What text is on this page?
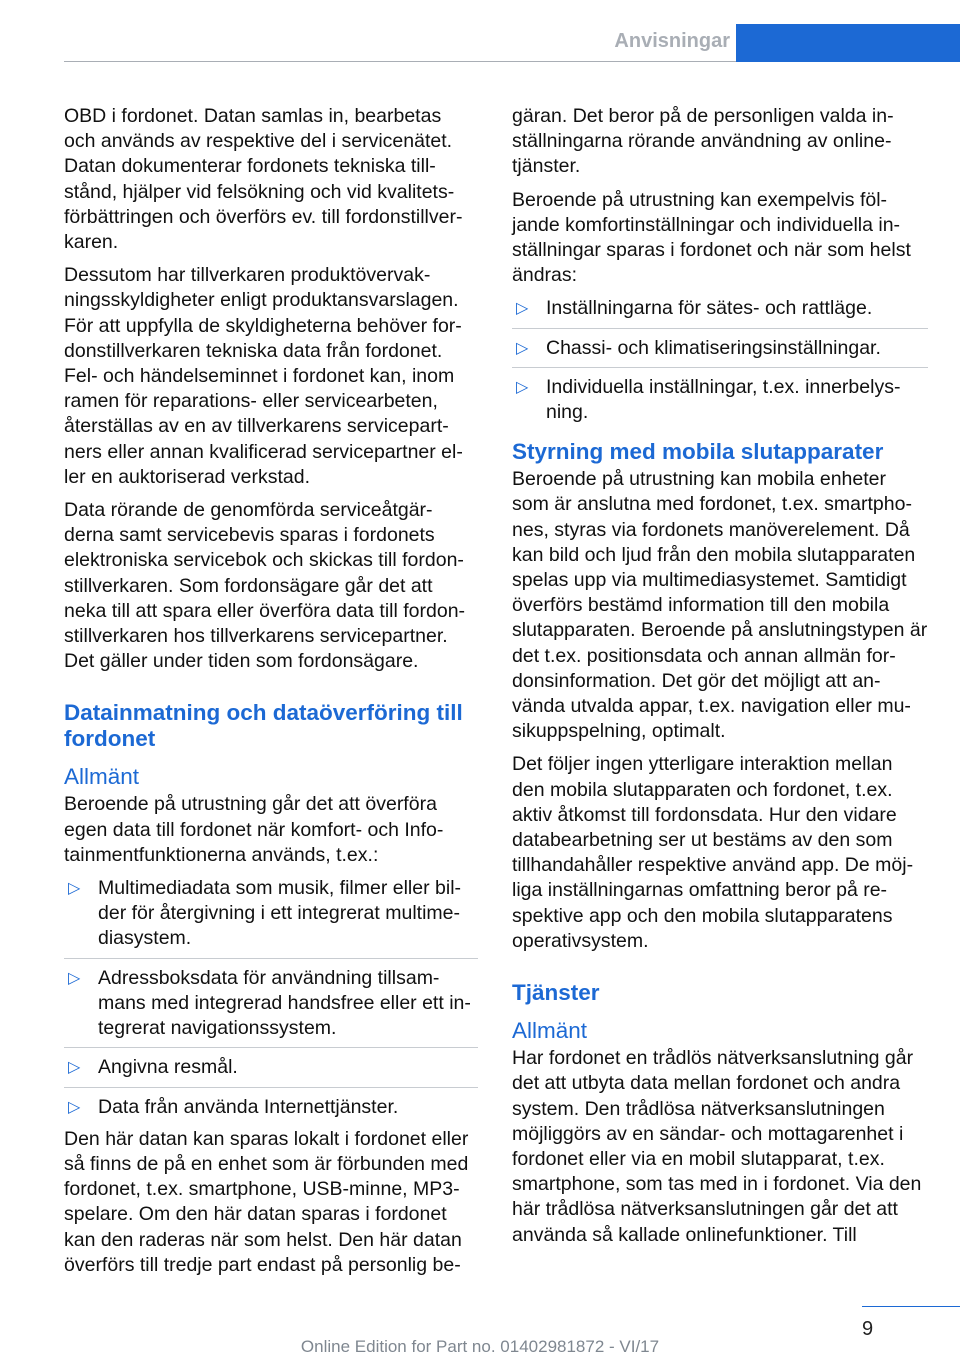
Anvisningar

OBD i fordonet. Datan samlas in, bearbetas och används av respektive del i servicenätet. Datan dokumenterar fordonets tekniska till-stånd, hjälper vid felsökning och vid kvalitets-förbättringen och överförs ev. till fordonstillver-karen.

Dessutom har tillverkaren produktövervak-ningsskyldigheter enligt produktansvarslagen. För att uppfylla de skyldigheterna behöver for-donstillverkaren tekniska data från fordonet. Fel- och händelseminnet i fordonet kan, inom ramen för reparations- eller servicearbeten, återställas av en av tillverkarens servicepart-ners eller annan kvalificerad servicepartner el-ler en auktoriserad verkstad.

Data rörande de genomförda serviceåtgär-derna samt servicebevis sparas i fordonets elektroniska servicebok och skickas till fordon-stillverkaren. Som fordonsägare går det att neka till att spara eller överföra data till fordon-stillverkaren hos tillverkarens servicepartner. Det gäller under tiden som fordonsägare.

Datainmatning och dataöverföring till fordonet
Allmänt

Beroende på utrustning går det att överföra egen data till fordonet när komfort- och Info-tainmentfunktionerna används, t.ex.:

▷ Multimediadata som musik, filmer eller bil-der för återgivning i ett integrerat multime-diasystem.
▷ Adressboksdata för användning tillsam-mans med integrerad handsfree eller ett in-tegrerat navigationssystem.
▷ Angivna resmål.
▷ Data från använda Internettjänster.

Den här datan kan sparas lokalt i fordonet eller så finns de på en enhet som är förbunden med fordonet, t.ex. smartphone, USB-minne, MP3-spelare. Om den här datan sparas i fordonet kan den raderas när som helst. Den här datan överförs till tredje part endast på personlig be-

gäran. Det beror på de personligen valda in-ställningarna rörande användning av online-tjänster.

Beroende på utrustning kan exempelvis föl-jande komfortinställningar och individuella in-ställningar sparas i fordonet och när som helst ändras:

▷ Inställningarna för sätes- och rattläge.
▷ Chassi- och klimatiseringsinställningar.
▷ Individuella inställningar, t.ex. innerbelys-ning.
Styrning med mobila slutapparater

Beroende på utrustning kan mobila enheter som är anslutna med fordonet, t.ex. smartpho-nes, styras via fordonets manöverelement. Då kan bild och ljud från den mobila slutapparaten spelas upp via multimediasystemet. Samtidigt överförs bestämd information till den mobila slutapparaten. Beroende på anslutningstypen är det t.ex. positionsdata och annan allmän for-donsinformation. Det gör det möjligt att an-vända utvalda appar, t.ex. navigation eller mu-sikuppspelning, optimalt.

Det följer ingen ytterligare interaktion mellan den mobila slutapparaten och fordonet, t.ex. aktiv åtkomst till fordonsdata. Hur den vidare databearbetning ser ut bestäms av den som tillhandahåller respektive använd app. De möj-liga inställningarnas omfattning beror på re-spektive app och den mobila slutapparatens operativsystem.

Tjänster
Allmänt

Har fordonet en trådlös nätverksanslutning går det att utbyta data mellan fordonet och andra system. Den trådlösa nätverksanslutningen möjliggörs av en sändar- och mottagarenhet i fordonet eller via en mobil slutapparat, t.ex. smartphone, som tas med in i fordonet. Via den här trådlösa nätverksanslutningen går det att använda så kallade onlinefunktioner. Till

9
Online Edition for Part no. 01402981872 - VI/17
